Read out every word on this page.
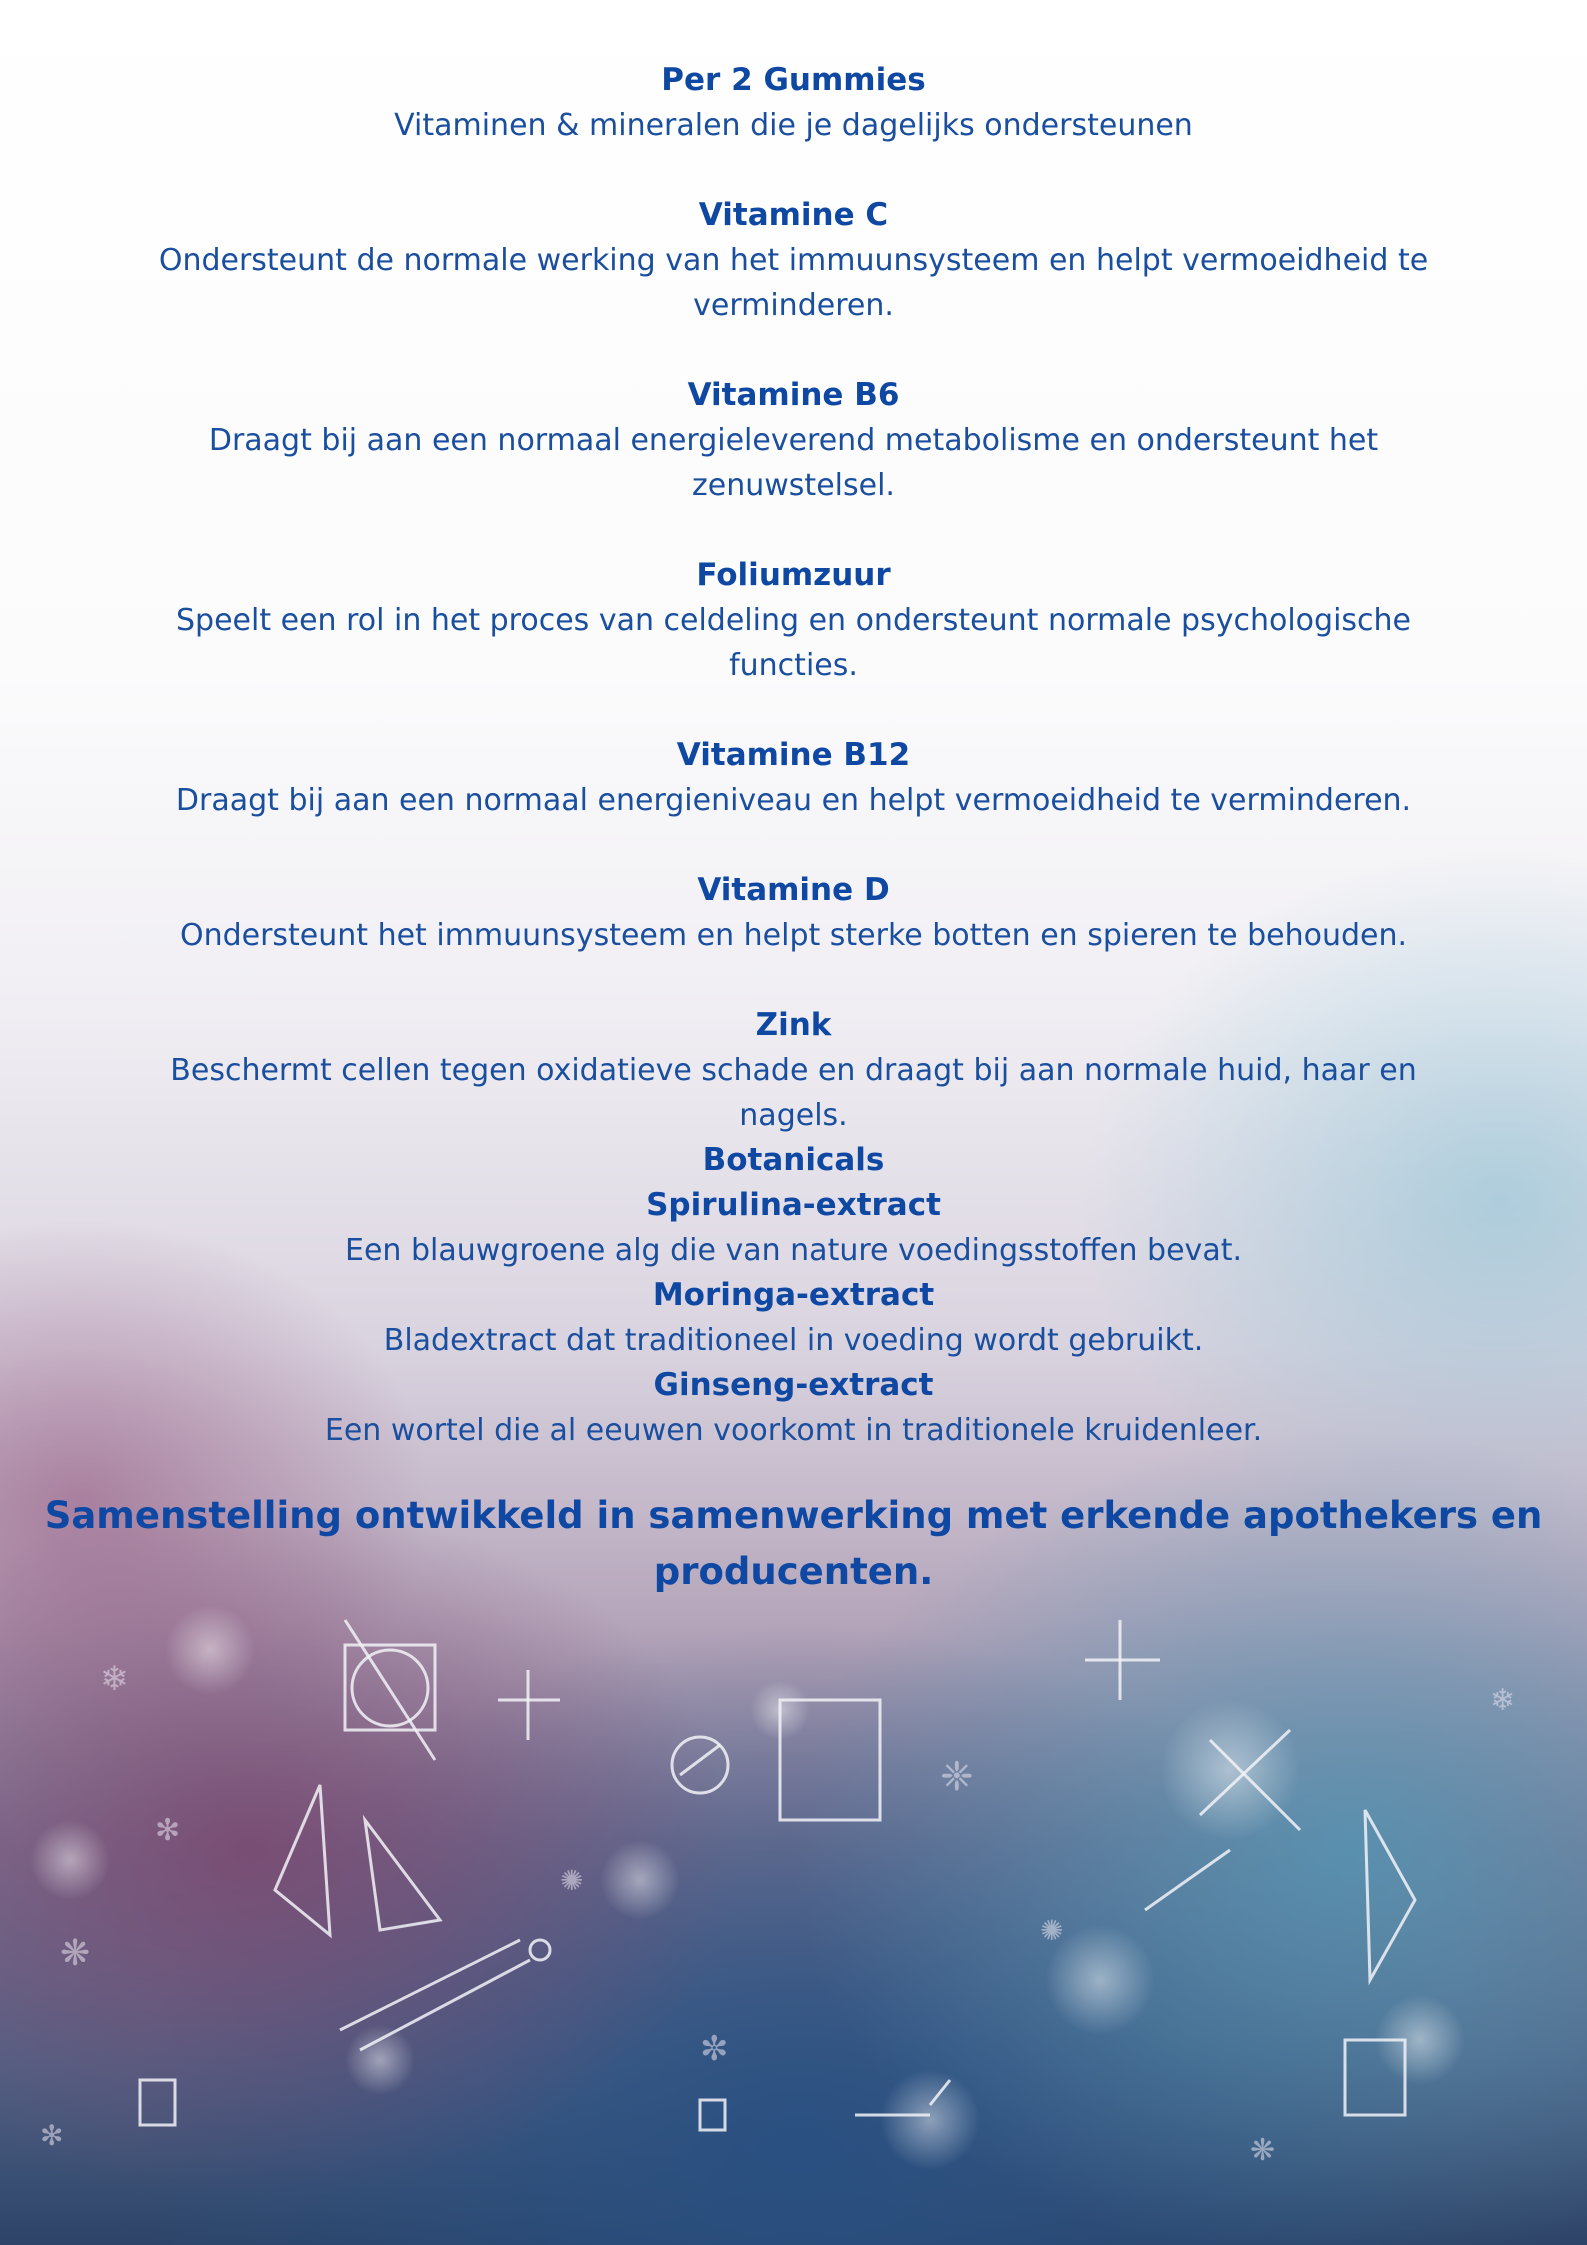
❄
✻
❋
✺
❈
❄
✺
✼
❋
✻

Per 2 Gummies

Vitaminen & mineralen die je dagelijks ondersteunen

Vitamine C

Ondersteunt de normale werking van het immuunsysteem en helpt vermoeidheid te verminderen.

Vitamine B6

Draagt bij aan een normaal energieleverend metabolisme en ondersteunt het zenuwstelsel.

Foliumzuur

Speelt een rol in het proces van celdeling en ondersteunt normale psychologische functies.

Vitamine B12

Draagt bij aan een normaal energieniveau en helpt vermoeidheid te verminderen.

Vitamine D

Ondersteunt het immuunsysteem en helpt sterke botten en spieren te behouden.

Zink

Beschermt cellen tegen oxidatieve schade en draagt bij aan normale huid, haar en nagels.

Botanicals

Spirulina-extract

Een blauwgroene alg die van nature voedingsstoffen bevat.

Moringa-extract

Bladextract dat traditioneel in voeding wordt gebruikt.

Ginseng-extract

Een wortel die al eeuwen voorkomt in traditionele kruidenleer.

Samenstelling ontwikkeld in samenwerking met erkende apothekers en producenten.
